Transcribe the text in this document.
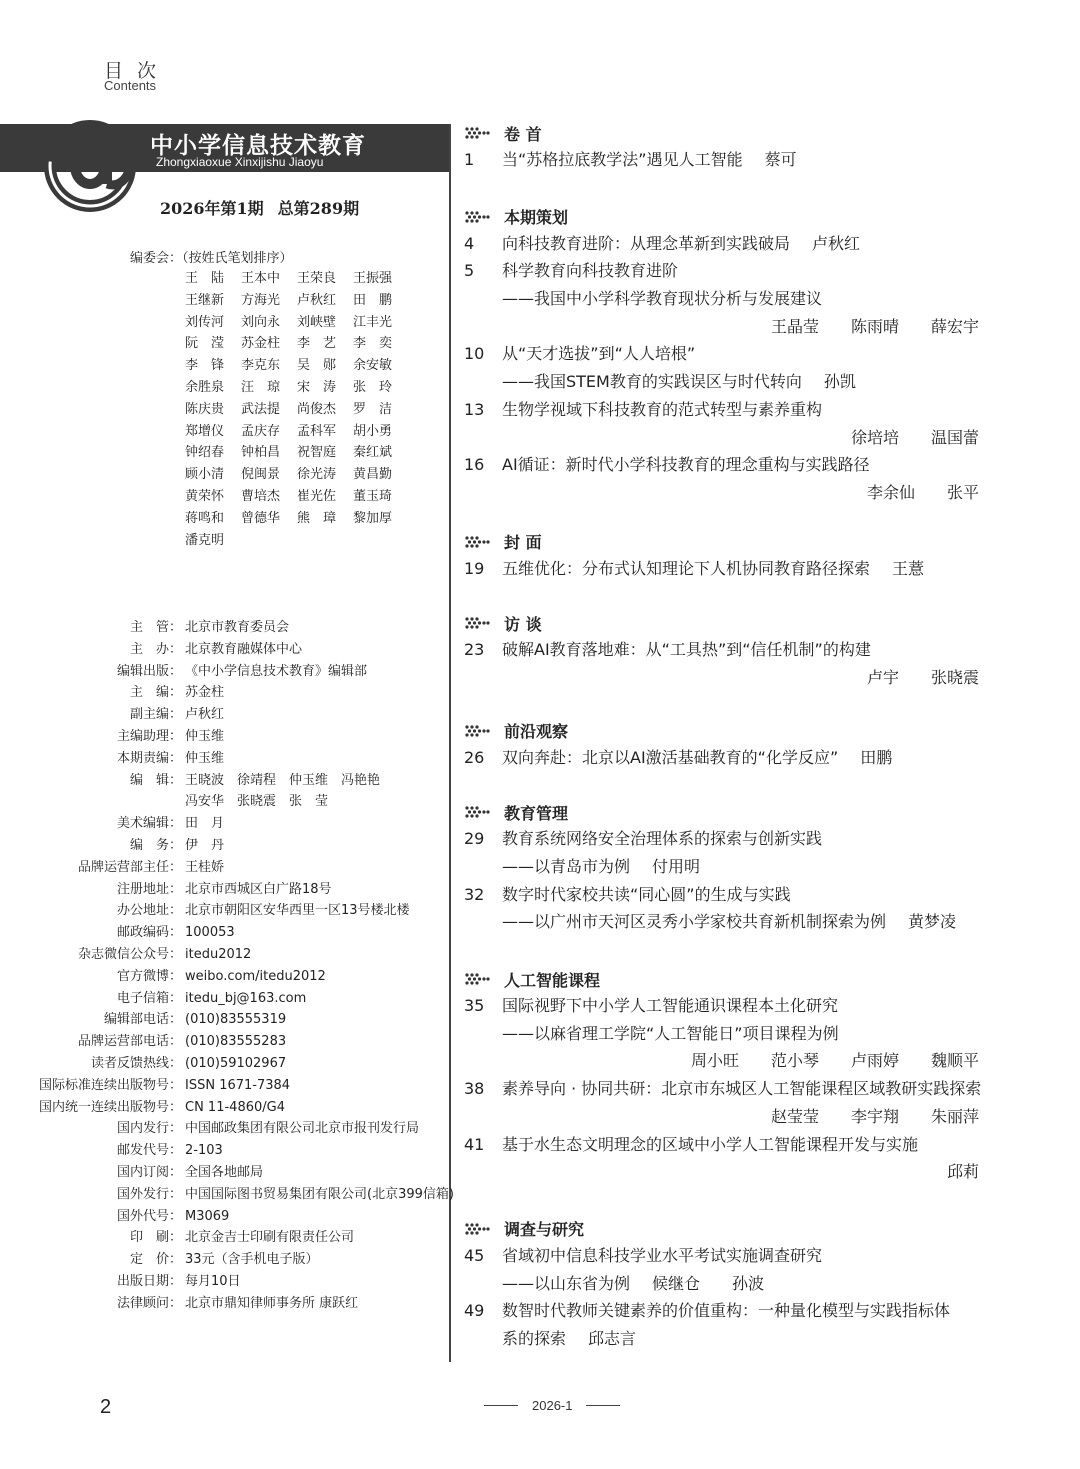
目 次
Contents
中小学信息技术教育
Zhongxiaoxue Xinxijishu Jiaoyu
2026年第1期 总第289期
编委会：（按姓氏笔划排序）
王　陆	王本中	王荣良	王振强
王继新	方海光	卢秋红	田　鹏
刘传河	刘向永	刘峡壁	江丰光
阮　滢	苏金柱	李　艺	李　奕
李　锋	李克东	吴　郧	余安敏
余胜泉	汪　琼	宋　涛	张　玲
陈庆贵	武法提	尚俊杰	罗　洁
郑增仪	孟庆存	孟科军	胡小勇
钟绍春	钟柏昌	祝智庭	秦红斌
顾小清	倪闽景	徐光涛	黄昌勤
黄荣怀	曹培杰	崔光佐	董玉琦
蒋鸣和	曾德华	熊　璋	黎加厚
潘克明
主　管： 北京市教育委员会
主　办： 北京教育融媒体中心
编辑出版： 《中小学信息技术教育》编辑部
主　编： 苏金柱
副主编： 卢秋红
主编助理： 仲玉维
本期责编： 仲玉维
编　辑： 王晓波　徐靖程　仲玉维　冯艳艳
冯安华　张晓震　张　莹
美术编辑： 田　月
编　务： 伊　丹
品牌运营部主任： 王桂娇
注册地址： 北京市西城区白广路18号
办公地址： 北京市朝阳区安华西里一区13号楼北楼
邮政编码： 100053
杂志微信公众号： itedu2012
官方微博： weibo.com/itedu2012
电子信箱： itedu_bj@163.com
编辑部电话： (010)83555319
品牌运营部电话： (010)83555283
读者反馈热线： (010)59102967
国际标准连续出版物号： ISSN 1671-7384
国内统一连续出版物号： CN 11-4860/G4
国内发行： 中国邮政集团有限公司北京市报刊发行局
邮发代号： 2-103
国内订阅： 全国各地邮局
国外发行： 中国国际图书贸易集团有限公司(北京399信箱)
国外代号： M3069
印　刷： 北京金吉士印刷有限责任公司
定　价： 33元（含手机电子版）
出版日期： 每月10日
法律顾问： 北京市鼎知律师事务所 康跃红
卷 首
1 当“苏格拉底教学法”遇见人工智能 蔡可
本期策划
4 向科技教育进阶：从理念革新到实践破局 卢秋红
5 科学教育向科技教育进阶
——我国中小学科学教育现状分析与发展建议
王晶莹　　陈雨晴　　薛宏宇
10 从“天才选拔”到“人人培根”
——我国STEM教育的实践误区与时代转向 孙凯
13 生物学视域下科技教育的范式转型与素养重构
徐培培　　温国蕾
16 AI循证：新时代小学科技教育的理念重构与实践路径
李余仙　　张平
封 面
19 五维优化：分布式认知理论下人机协同教育路径探索 王薏
访 谈
23 破解AI教育落地难：从“工具热”到“信任机制”的构建
卢宇　　张晓震
前沿观察
26 双向奔赴：北京以AI激活基础教育的“化学反应” 田鹏
教育管理
29 教育系统网络安全治理体系的探索与创新实践
——以青岛市为例 付用明
32 数字时代家校共读“同心圆”的生成与实践
——以广州市天河区灵秀小学家校共育新机制探索为例 黄梦凌
人工智能课程
35 国际视野下中小学人工智能通识课程本土化研究
——以麻省理工学院“人工智能日”项目课程为例
周小旺　　范小琴　　卢雨婷　　魏顺平
38 素养导向 · 协同共研：北京市东城区人工智能课程区域教研实践探索
赵莹莹　　李宇翔　　朱丽萍
41 基于水生态文明理念的区域中小学人工智能课程开发与实施
邱莉
调查与研究
45 省域初中信息科技学业水平考试实施调查研究
——以山东省为例 候继仓　　孙波
49 数智时代教师关键素养的价值重构：一种量化模型与实践指标体
系的探索 邱志言
2	2026-1
